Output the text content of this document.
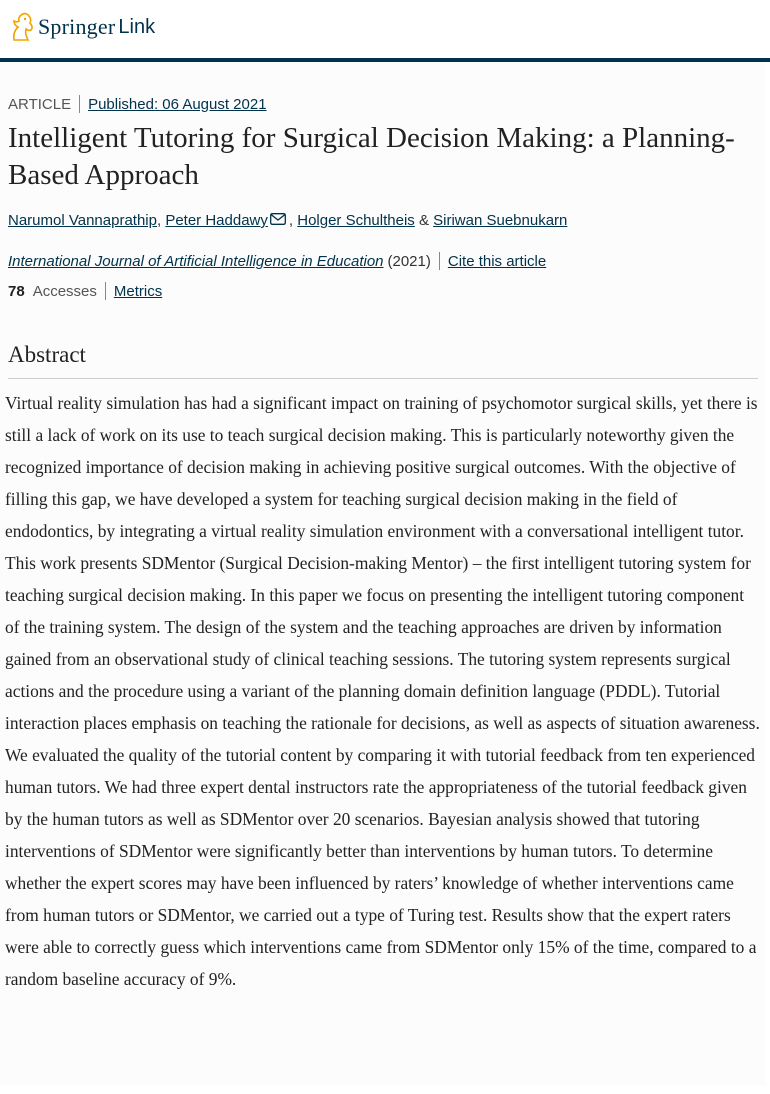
Springer Link
ARTICLE Published: 06 August 2021
Intelligent Tutoring for Surgical Decision Making: a Planning-Based Approach
Narumol Vannaprathip , Peter Haddawy , Holger Schultheis & Siriwan Suebnukarn
International Journal of Artificial Intelligence in Education (2021) Cite this article
78 Accesses Metrics
Abstract

Virtual reality simulation has had a significant impact on training of psychomotor surgical skills, yet there is still a lack of work on its use to teach surgical decision making. This is particularly noteworthy given the recognized importance of decision making in achieving positive surgical outcomes. With the objective of filling this gap, we have developed a system for teaching surgical decision making in the field of endodontics, by integrating a virtual reality simulation environment with a conversational intelligent tutor. This work presents SDMentor (Surgical Decision-making Mentor) – the first intelligent tutoring system for teaching surgical decision making. In this paper we focus on presenting the intelligent tutoring component of the training system. The design of the system and the teaching approaches are driven by information gained from an observational study of clinical teaching sessions. The tutoring system represents surgical actions and the procedure using a variant of the planning domain definition language (PDDL). Tutorial interaction places emphasis on teaching the rationale for decisions, as well as aspects of situation awareness. We evaluated the quality of the tutorial content by comparing it with tutorial feedback from ten experienced human tutors. We had three expert dental instructors rate the appropriateness of the tutorial feedback given by the human tutors as well as SDMentor over 20 scenarios. Bayesian analysis showed that tutoring interventions of SDMentor were significantly better than interventions by human tutors. To determine whether the expert scores may have been influenced by raters’ knowledge of whether interventions came from human tutors or SDMentor, we carried out a type of Turing test. Results show that the expert raters were able to correctly guess which interventions came from SDMentor only 15% of the time, compared to a random baseline accuracy of 9%.
